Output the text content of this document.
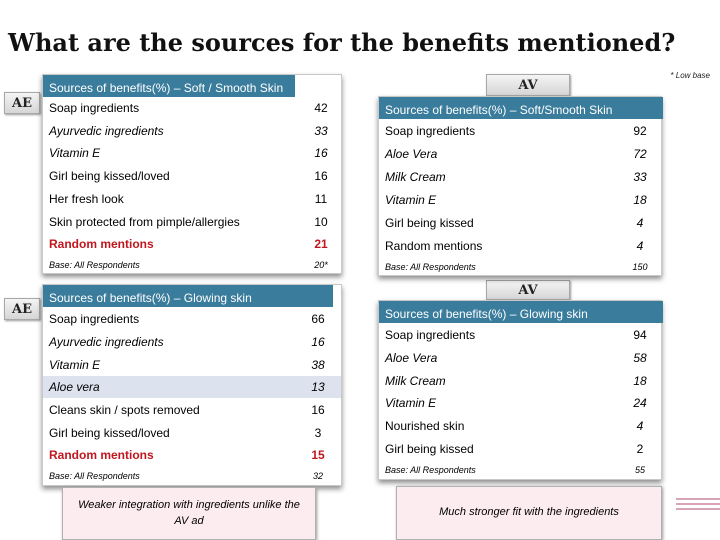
What are the sources for the benefits mentioned?
* Low base
AE
AE
AV
AV
Sources of benefits(%) – Soft / Smooth Skin
Soap ingredients	42
Ayurvedic ingredients	33
Vitamin E	16
Girl being kissed/loved	16
Her fresh look	11
Skin protected from pimple/allergies	10
Random mentions	21
Base: All Respondents	20*
Sources of benefits(%) – Soft/Smooth Skin
Soap ingredients	92
Aloe Vera	72
Milk Cream	33
Vitamin E	18
Girl being kissed	4
Random mentions	4
Base: All Respondents	150
Sources of benefits(%) – Glowing skin
Soap ingredients	66
Ayurvedic ingredients	16
Vitamin E	38
Aloe vera	13
Cleans skin / spots removed	16
Girl being kissed/loved	3
Random mentions	15
Base: All Respondents	32
Sources of benefits(%) – Glowing skin
Soap ingredients	94
Aloe Vera	58
Milk Cream	18
Vitamin E	24
Nourished skin	4
Girl being kissed	2
Base: All Respondents	55
Weaker integration with ingredients unlike the AV ad
Much stronger fit with the ingredients
